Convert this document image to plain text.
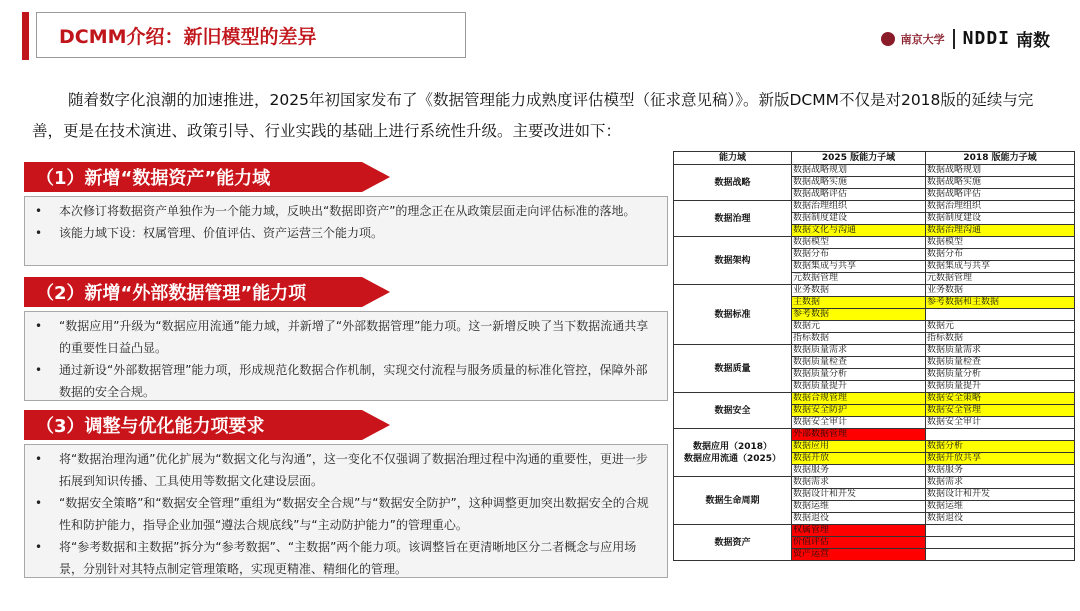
DCMM介绍：新旧模型的差异	南京大学 NDDI 南数
随着数字化浪潮的加速推进，2025年初国家发布了《数据管理能力成熟度评估模型（征求意见稿）》。新版DCMM不仅是对2018版的延续与完善，更是在技术演进、政策引导、行业实践的基础上进行系统性升级。主要改进如下：
（1）新增“数据资产”能力域
•	本次修订将数据资产单独作为一个能力域，反映出“数据即资产”的理念正在从政策层面走向评估标准的落地。
•	该能力域下设：权属管理、价值评估、资产运营三个能力项。
（2）新增“外部数据管理”能力项
•	“数据应用”升级为“数据应用流通”能力域，并新增了“外部数据管理”能力项。这一新增反映了当下数据流通共享的重要性日益凸显。
•	通过新设“外部数据管理”能力项，形成规范化数据合作机制，实现交付流程与服务质量的标准化管控，保障外部数据的安全合规。
（3）调整与优化能力项要求
•	将“数据治理沟通”优化扩展为“数据文化与沟通”，这一变化不仅强调了数据治理过程中沟通的重要性，更进一步拓展到知识传播、工具使用等数据文化建设层面。
•	“数据安全策略”和“数据安全管理”重组为“数据安全合规”与“数据安全防护”，这种调整更加突出数据安全的合规性和防护能力，指导企业加强“遵法合规底线”与“主动防护能力”的管理重心。
•	将“参考数据和主数据”拆分为“参考数据”、“主数据”两个能力项。该调整旨在更清晰地区分二者概念与应用场景，分别针对其特点制定管理策略，实现更精准、精细化的管理。
能力域	2025 版能力子域	2018 版能力子域
数据战略	数据战略规划	数据战略规划
	数据战略实施	数据战略实施
	数据战略评估	数据战略评估
数据治理	数据治理组织	数据治理组织
	数据制度建设	数据制度建设
	数据文化与沟通	数据治理沟通
数据架构	数据模型	数据模型
	数据分布	数据分布
	数据集成与共享	数据集成与共享
	元数据管理	元数据管理
数据标准	业务数据	业务数据
	主数据	参考数据和主数据
	参考数据	
	数据元	数据元
	指标数据	指标数据
数据质量	数据质量需求	数据质量需求
	数据质量检查	数据质量检查
	数据质量分析	数据质量分析
	数据质量提升	数据质量提升
数据安全	数据合规管理	数据安全策略
	数据安全防护	数据安全管理
	数据安全审计	数据安全审计
数据应用（2018）
数据应用流通（2025）	外部数据管理	
	数据应用	数据分析
	数据开放	数据开放共享
	数据服务	数据服务
数据生命周期	数据需求	数据需求
	数据设计和开发	数据设计和开发
	数据运维	数据运维
	数据退役	数据退役
数据资产	权属管理	
	价值评估	
	资产运营	
